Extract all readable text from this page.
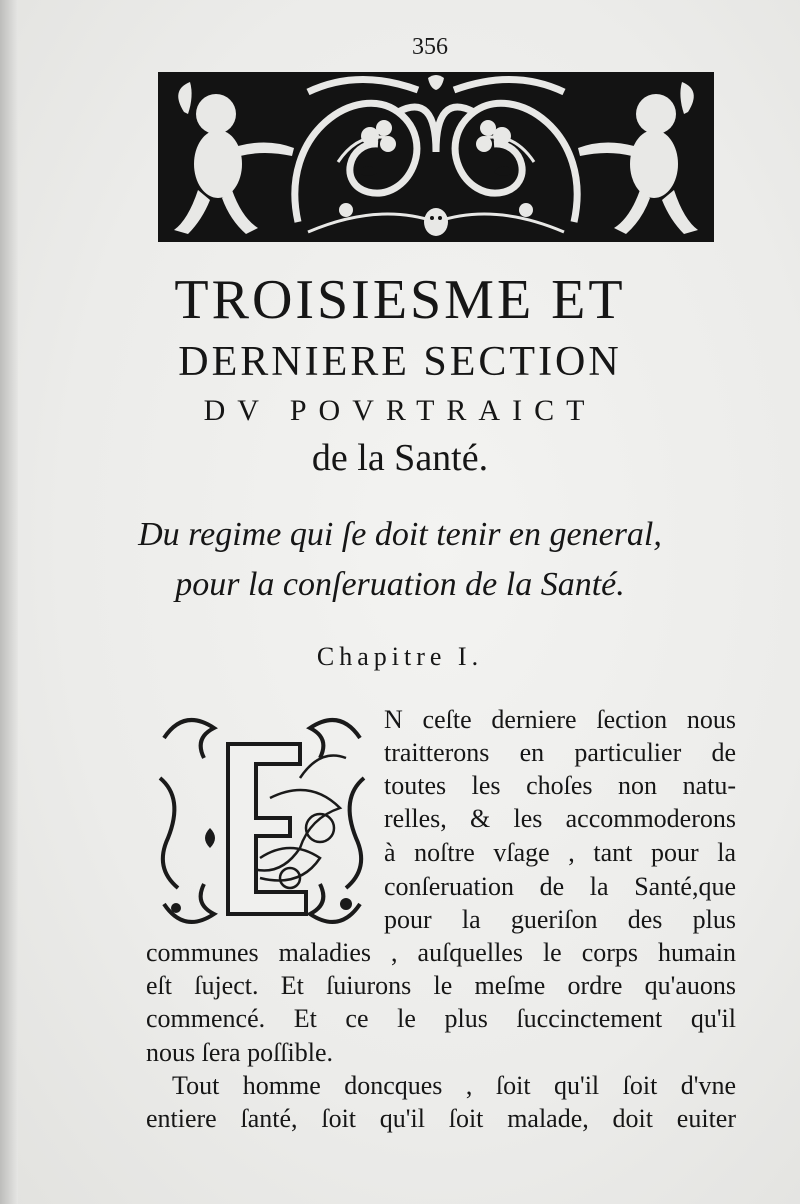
356
TROISIESME ET
DERNIERE SECTION
DV POVRTRAICT
de la Santé.
Du regime qui ſe doit tenir en general,
pour la conſeruation de la Santé.
Chapitre I.
N ceſte derniere ſection nous
traitterons en particulier de
toutes les choſes non natu-
relles, & les accommoderons
à noſtre vſage , tant pour la
conſeruation de la Santé,que
pour la gueriſon des plus
communes maladies , auſquelles le corps humain
eſt ſuject. Et ſuiurons le meſme ordre qu'auons
commencé. Et ce le plus ſuccinctement qu'il
nous ſera poſſible.
Tout homme doncques , ſoit qu'il ſoit d'vne
entiere ſanté, ſoit qu'il ſoit malade, doit euiter
